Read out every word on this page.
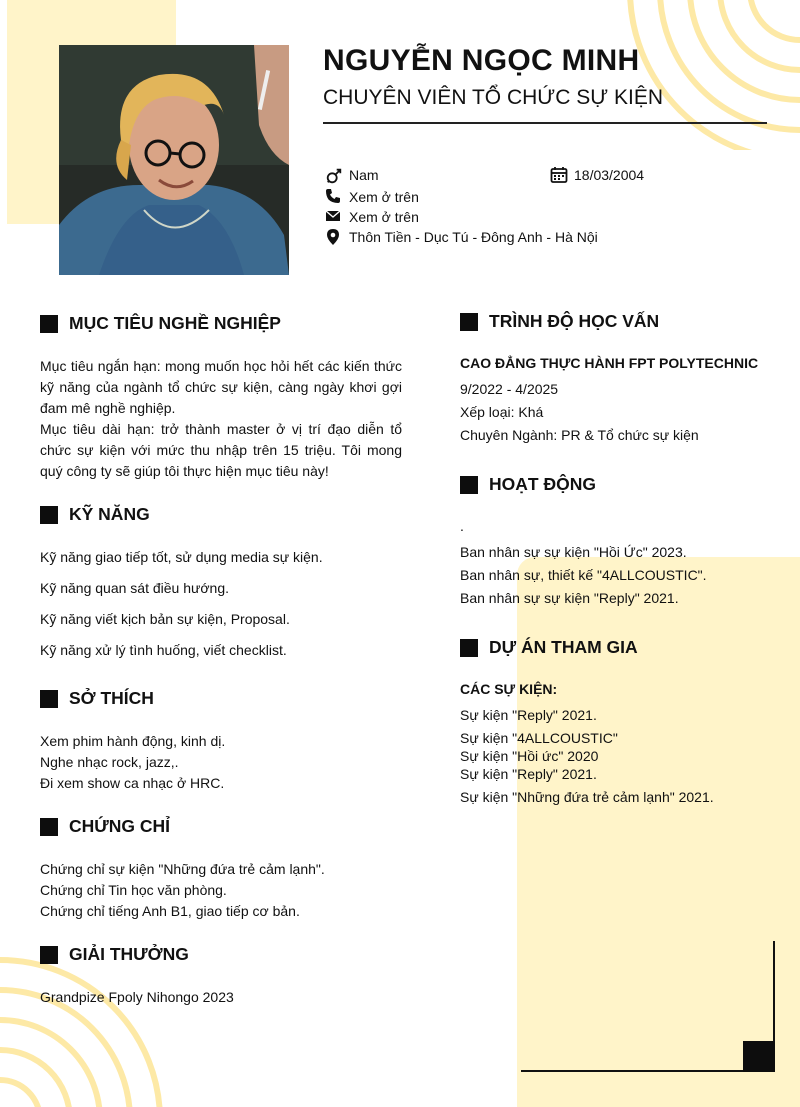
NGUYỄN NGỌC MINH
CHUYÊN VIÊN TỔ CHỨC SỰ KIỆN
Nam	18/03/2004
Xem ở trên
Xem ở trên
Thôn Tiền - Dục Tú - Đông Anh - Hà Nội
MỤC TIÊU NGHỀ NGHIỆP
Mục tiêu ngắn hạn: mong muốn học hỏi hết các kiến thức kỹ năng của ngành tổ chức sự kiện, càng ngày khơi gợi đam mê nghề nghiệp.
Mục tiêu dài hạn: trở thành master ở vị trí đạo diễn tổ chức sự kiện với mức thu nhập trên 15 triệu. Tôi mong quý công ty sẽ giúp tôi thực hiện mục tiêu này!
KỸ NĂNG
Kỹ năng giao tiếp tốt, sử dụng media sự kiện.
Kỹ năng quan sát điều hướng.
Kỹ năng viết kịch bản sự kiện, Proposal.
Kỹ năng xử lý tình huống, viết checklist.
SỞ THÍCH
Xem phim hành động, kinh dị.
Nghe nhạc rock, jazz,.
Đi xem show ca nhạc ở HRC.
CHỨNG CHỈ
Chứng chỉ sự kiện "Những đứa trẻ cảm lạnh".
Chứng chỉ Tin học văn phòng.
Chứng chỉ tiếng Anh B1, giao tiếp cơ bản.
GIẢI THƯỞNG
Grandpize Fpoly Nihongo 2023
TRÌNH ĐỘ HỌC VẤN
CAO ĐẲNG THỰC HÀNH FPT POLYTECHNIC
9/2022 - 4/2025
Xếp loại: Khá
Chuyên Ngành: PR & Tổ chức sự kiện
HOẠT ĐỘNG
.
Ban nhân sự sự kiện "Hồi Ức" 2023.
Ban nhân sự, thiết kế "4ALLCOUSTIC".
Ban nhân sự sự kiện "Reply" 2021.
DỰ ÁN THAM GIA
CÁC SỰ KIỆN:
Sự kiện "Reply" 2021.
Sự kiện "4ALLCOUSTIC"
Sự kiện "Hồi ức" 2020
Sự kiện "Reply" 2021.
Sự kiện "Những đứa trẻ cảm lạnh" 2021.
